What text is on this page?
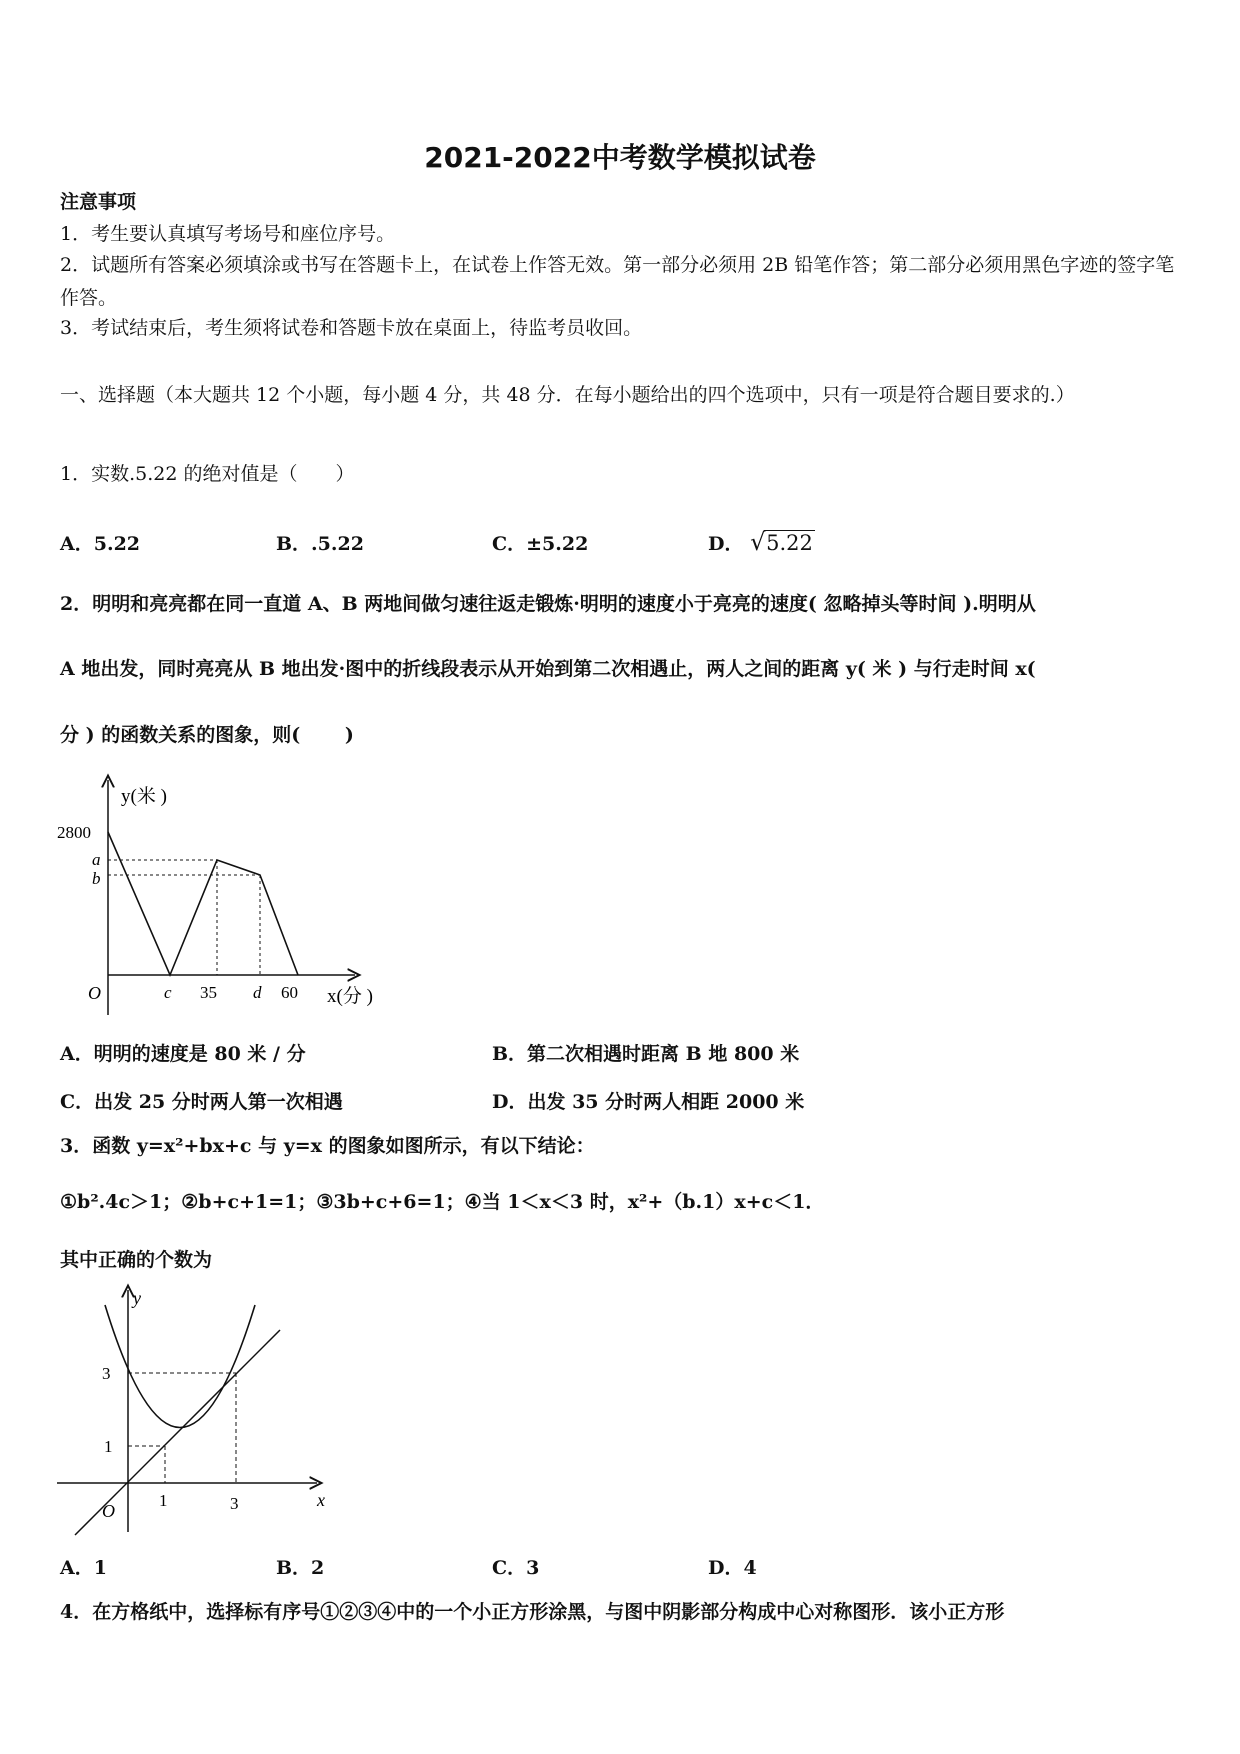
2021-2022中考数学模拟试卷
注意事项
1．考生要认真填写考场号和座位序号。
2．试题所有答案必须填涂或书写在答题卡上，在试卷上作答无效。第一部分必须用 2B 铅笔作答；第二部分必须用黑色字迹的签字笔作答。
3．考试结束后，考生须将试卷和答题卡放在桌面上，待监考员收回。
一、选择题（本大题共 12 个小题，每小题 4 分，共 48 分．在每小题给出的四个选项中，只有一项是符合题目要求的.）
1．实数.5.22 的绝对值是（　　）
A．5.22	B．.5.22	C．±5.22	D． √ 5.22
2．明明和亮亮都在同一直道 A、B 两地间做匀速往返走锻炼·明明的速度小于亮亮的速度( 忽略掉头等时间 ).明明从
A 地出发，同时亮亮从 B 地出发·图中的折线段表示从开始到第二次相遇止，两人之间的距离 y( 米 ) 与行走时间 x(
分 ) 的函数关系的图象，则(　　 )
y(米 )
x(分 )
2800
a
b
O	c 35 d 60
A．明明的速度是 80 米 / 分	B．第二次相遇时距离 B 地 800 米
C．出发 25 分时两人第一次相遇	D．出发 35 分时两人相距 2000 米
3．函数 y=x²+bx+c 与 y=x 的图象如图所示，有以下结论：
①b².4c＞1；②b+c+1=1；③3b+c+6=1；④当 1＜x＜3 时，x²+（b.1）x+c＜1．
其中正确的个数为
y
x
O
1	3
1
3
A．1	B．2	C．3	D．4
4．在方格纸中，选择标有序号①②③④中的一个小正方形涂黑，与图中阴影部分构成中心对称图形．该小正方形
